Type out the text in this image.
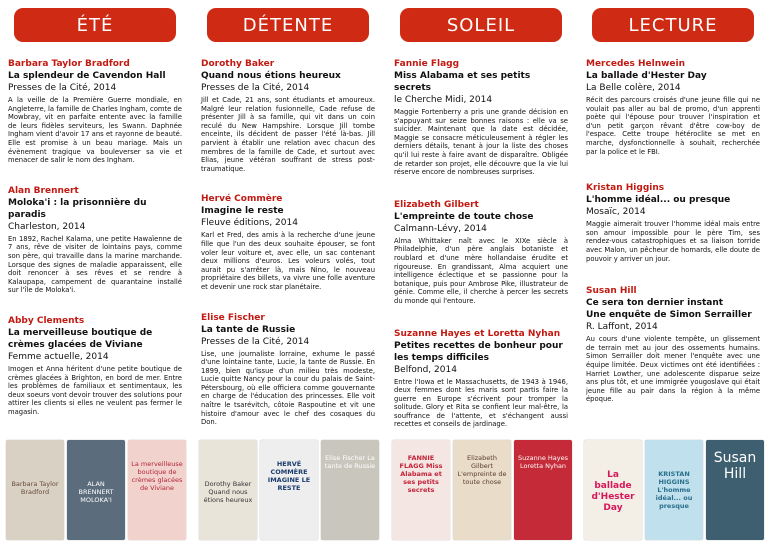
ÉTÉ

Barbara Taylor Bradford

La splendeur de Cavendon Hall

Presses de la Cité, 2014

A la veille de la Première Guerre mondiale, en Angleterre, la famille de Charles Ingham, comte de Mowbray, vit en parfaite entente avec la famille de leurs fidèles serviteurs, les Swann. Daphnée Ingham vient d'avoir 17 ans et rayonne de beauté. Elle est promise à un beau mariage. Mais un évènement tragique va bouleverser sa vie et menacer de salir le nom des Ingham.

Alan Brennert

Moloka'i : la prisonnière du paradis

Charleston, 2014

En 1892, Rachel Kalama, une petite Hawaïenne de 7 ans, rêve de visiter de lointains pays, comme son père, qui travaille dans la marine marchande. Lorsque des signes de maladie apparaissent, elle doit renoncer à ses rêves et se rendre à Kalaupapa, campement de quarantaine installé sur l'île de Moloka'i.

Abby Clements

La merveilleuse boutique de crèmes glacées de Viviane

Femme actuelle, 2014

Imogen et Anna héritent d'une petite boutique de crèmes glacées à Brighton, en bord de mer. Entre les problèmes de familiaux et sentimentaux, les deux soeurs vont devoir trouver des solutions pour attirer les clients si elles ne veulent pas fermer le magasin.

Barbara Taylor Bradford
ALAN BRENNERT MOLOKA'I
La merveilleuse boutique de crèmes glacées de Viviane
DÉTENTE

Dorothy Baker

Quand nous étions heureux

Presses de la Cité, 2014

Jill et Cade, 21 ans, sont étudiants et amoureux. Malgré leur relation fusionnelle, Cade refuse de présenter Jill à sa famille, qui vit dans un coin reculé du New Hampshire. Lorsque Jill tombe enceinte, ils décident de passer l'été là-bas. Jill parvient à établir une relation avec chacun des membres de la famille de Cade, et surtout avec Elias, jeune vétéran souffrant de stress post-traumatique.

Hervé Commère

Imagine le reste

Fleuve éditions, 2014

Karl et Fred, des amis à la recherche d'une jeune fille que l'un des deux souhaite épouser, se font voler leur voiture et, avec elle, un sac contenant deux millions d'euros. Les voleurs volés, tout aurait pu s'arrêter là, mais Nino, le nouveau propriétaire des billets, va vivre une folle aventure et devenir une rock star planétaire.

Elise Fischer

La tante de Russie

Presses de la Cité, 2014

Lise, une journaliste lorraine, exhume le passé d'une lointaine tante, Lucie, la tante de Russie. En 1899, bien qu'issue d'un milieu très modeste, Lucie quitte Nancy pour la cour du palais de Saint-Pétersbourg, où elle officiera comme gouvernante en charge de l'éducation des princesses. Elle voit naître le tsarévitch, côtoie Raspoutine et vit une histoire d'amour avec le chef des cosaques du Don.

Dorothy Baker Quand nous étions heureux
HERVÉ COMMÈRE IMAGINE LE RESTE
Elise Fischer La tante de Russie
SOLEIL

Fannie Flagg

Miss Alabama et ses petits secrets

le Cherche Midi, 2014

Maggie Fortenberry a pris une grande décision en s'appuyant sur seize bonnes raisons : elle va se suicider. Maintenant que la date est décidée, Maggie se consacre méticuleusement à régler les derniers détails, tenant à jour la liste des choses qu'il lui reste à faire avant de disparaître. Obligée de retarder son projet, elle découvre que la vie lui réserve encore de nombreuses surprises.

Elizabeth Gilbert

L'empreinte de toute chose

Calmann-Lévy, 2014

Alma Whittaker naît avec le XIXe siècle à Philadelphie, d'un père anglais botaniste et roublard et d'une mère hollandaise érudite et rigoureuse. En grandissant, Alma acquiert une intelligence éclectique et se passionne pour la botanique, puis pour Ambrose Pike, illustrateur de génie. Comme elle, il cherche à percer les secrets du monde qui l'entoure.

Suzanne Hayes et Loretta Nyhan

Petites recettes de bonheur pour les temps difficiles

Belfond, 2014

Entre l'Iowa et le Massachusetts, de 1943 à 1946, deux femmes dont les maris sont partis faire la guerre en Europe s'écrivent pour tromper la solitude. Glory et Rita se confient leur mal-être, la souffrance de l'attente, et s'échangent aussi recettes et conseils de jardinage.

FANNIE FLAGG Miss Alabama et ses petits secrets
Elizabeth Gilbert L'empreinte de toute chose
Suzanne Hayes Loretta Nyhan
LECTURE

Mercedes Helnwein

La ballade d'Hester Day

La Belle colère, 2014

Récit des parcours croisés d'une jeune fille qui ne voulait pas aller au bal de promo, d'un apprenti poète qui l'épouse pour trouver l'inspiration et d'un petit garçon rêvant d'être cow-boy de l'espace. Cette troupe hétéroclite se met en marche, dysfonctionnelle à souhait, recherchée par la police et le FBI.

Kristan Higgins

L'homme idéal... ou presque

Mosaïc, 2014

Maggie aimerait trouver l'homme idéal mais entre son amour impossible pour le père Tim, ses rendez-vous catastrophiques et sa liaison torride avec Malon, un pêcheur de homards, elle doute de pouvoir y arriver un jour.

Susan Hill

Ce sera ton dernier instant

Une enquête de Simon Serrailler

R. Laffont, 2014

Au cours d'une violente tempête, un glissement de terrain met au jour des ossements humains. Simon Serrailler doit mener l'enquête avec une équipe limitée. Deux victimes ont été identifiées : Harriet Lowther, une adolescente disparue seize ans plus tôt, et une immigrée yougoslave qui était jeune fille au pair dans la région à la même époque.

La ballade d'Hester Day
KRISTAN HIGGINS L'homme idéal... ou presque
Susan Hill
